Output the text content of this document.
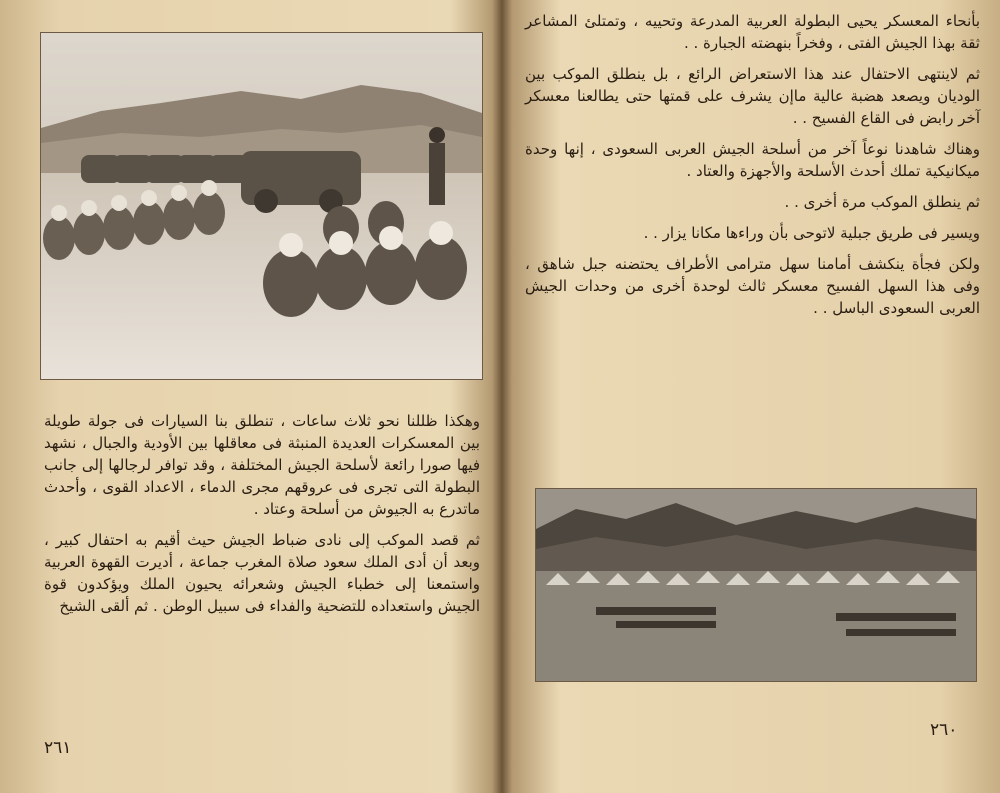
وهكذا ظللنا نحو ثلاث ساعات ، تنطلق بنا السيارات فى جولة طويلة بين المعسكرات العديدة المنبثة فى معاقلها بين الأودية والجبال ، نشهد فيها صورا رائعة لأسلحة الجيش المختلفة ، وقد توافر لرجالها إلى جانب البطولة التى تجرى فى عروقهم مجرى الدماء ، الاعداد القوى ، وأحدث ماتدرع به الجيوش من أسلحة وعتاد .

ثم قصد الموكب إلى نادى ضباط الجيش حيث أقيم به احتفال كبير ، وبعد أن أدى الملك سعود صلاة المغرب جماعة ، أديرت القهوة العربية واستمعنا إلى خطباء الجيش وشعرائه يحيون الملك ويؤكدون قوة الجيش واستعداده للتضحية والفداء فى سبيل الوطن . ثم ألقى الشيخ

٢٦١

بأنحاء المعسكر يحيى البطولة العربية المدرعة وتحييه ، وتمتلئ المشاعر ثقة بهذا الجيش الفتى ، وفخراً بنهضته الجبارة . .

ثم لاينتهى الاحتفال عند هذا الاستعراض الرائع ، بل ينطلق الموكب بين الوديان ويصعد هضبة عالية ماإن يشرف على قمتها حتى يطالعنا معسكر آخر رابض فى القاع الفسيح . .

وهناك شاهدنا نوعاً آخر من أسلحة الجيش العربى السعودى ، إنها وحدة ميكانيكية تملك أحدث الأسلحة والأجهزة والعتاد .

ثم ينطلق الموكب مرة أخرى . .

ويسير فى طريق جبلية لاتوحى بأن وراءها مكانا يزار . .

ولكن فجأة ينكشف أمامنا سهل مترامى الأطراف يحتضنه جبل شاهق ، وفى هذا السهل الفسيح معسكر ثالث لوحدة أخرى من وحدات الجيش العربى السعودى الباسل . .

٢٦٠
